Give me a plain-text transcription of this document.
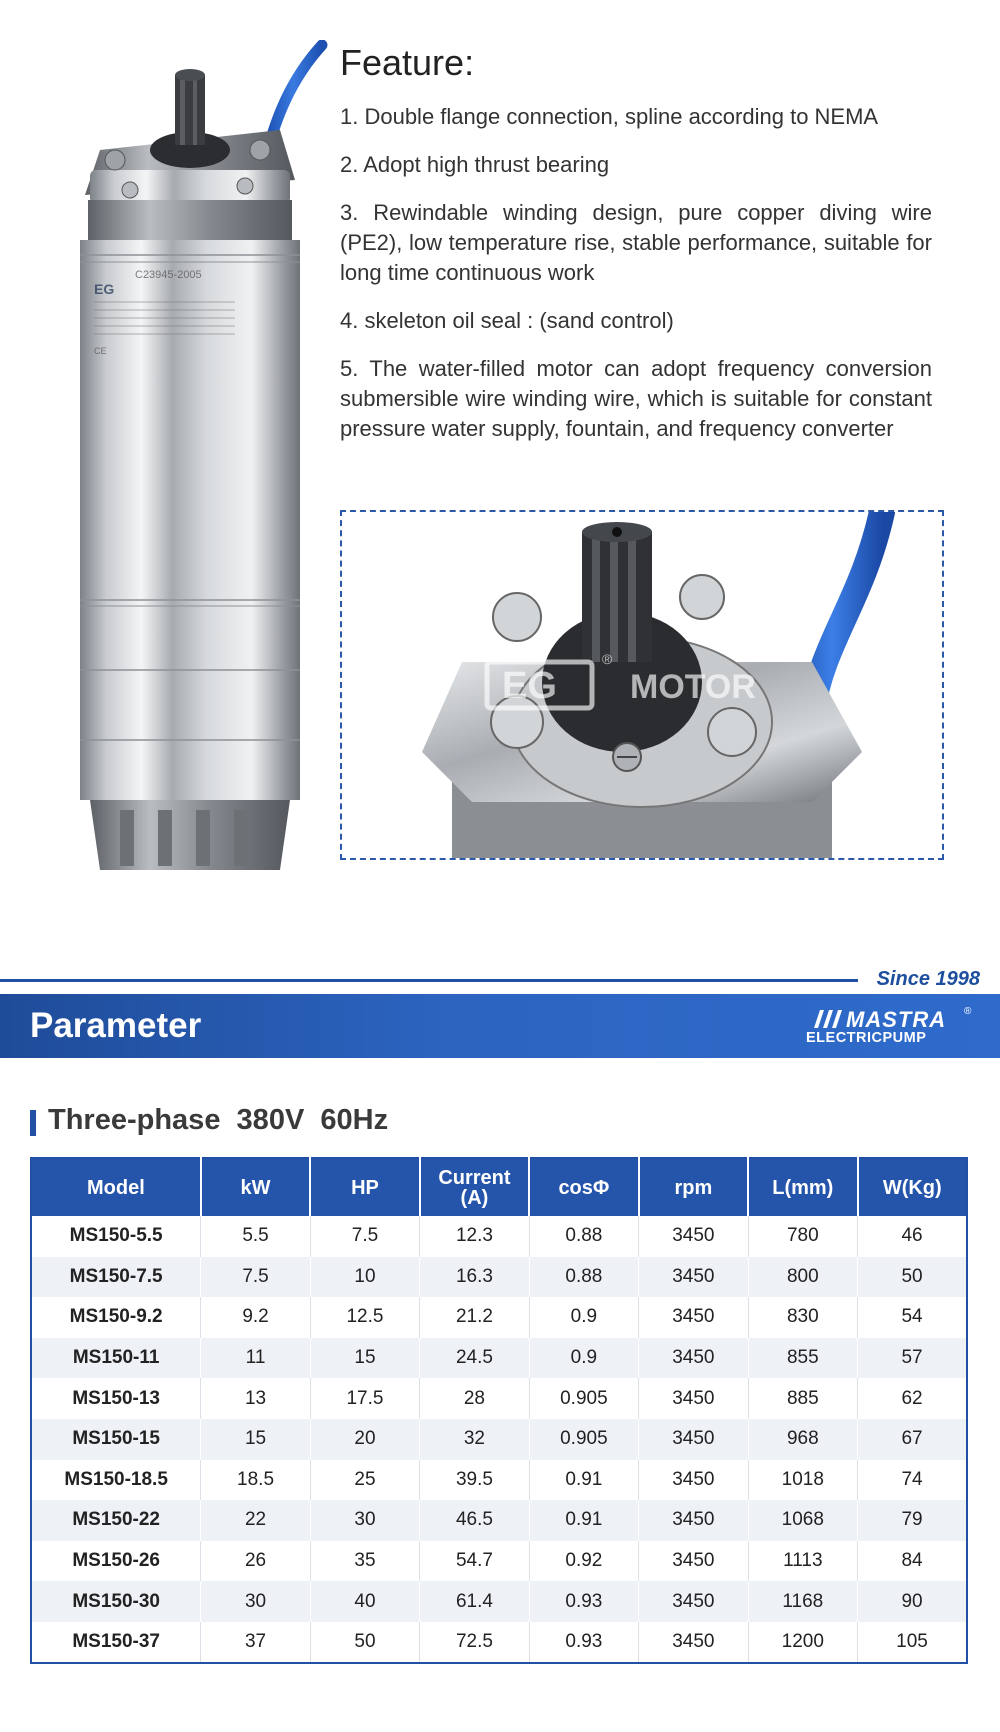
C23945-2005
EG
CE
Feature:
1. Double flange connection, spline according to NEMA
2. Adopt high thrust bearing
3. Rewindable winding design, pure copper diving wire (PE2), low temperature rise, stable performance, suitable for long time continuous work
4. skeleton oil seal : (sand control)
5. The water-filled motor can adopt frequency conversion submersible wire winding wire, which is suitable for constant pressure water supply, fountain, and frequency converter
EG
®
MOTOR
Since 1998
Parameter	MASTRA ®
ELECTRICPUMP
Three-phase  380V  60Hz
Model	kW	HP	Current (A)	cosΦ	rpm	L(mm)	W(Kg)
MS150-5.5	5.5	7.5	12.3	0.88	3450	780	46
MS150-7.5	7.5	10	16.3	0.88	3450	800	50
MS150-9.2	9.2	12.5	21.2	0.9	3450	830	54
MS150-11	11	15	24.5	0.9	3450	855	57
MS150-13	13	17.5	28	0.905	3450	885	62
MS150-15	15	20	32	0.905	3450	968	67
MS150-18.5	18.5	25	39.5	0.91	3450	1018	74
MS150-22	22	30	46.5	0.91	3450	1068	79
MS150-26	26	35	54.7	0.92	3450	1113	84
MS150-30	30	40	61.4	0.93	3450	1168	90
MS150-37	37	50	72.5	0.93	3450	1200	105
